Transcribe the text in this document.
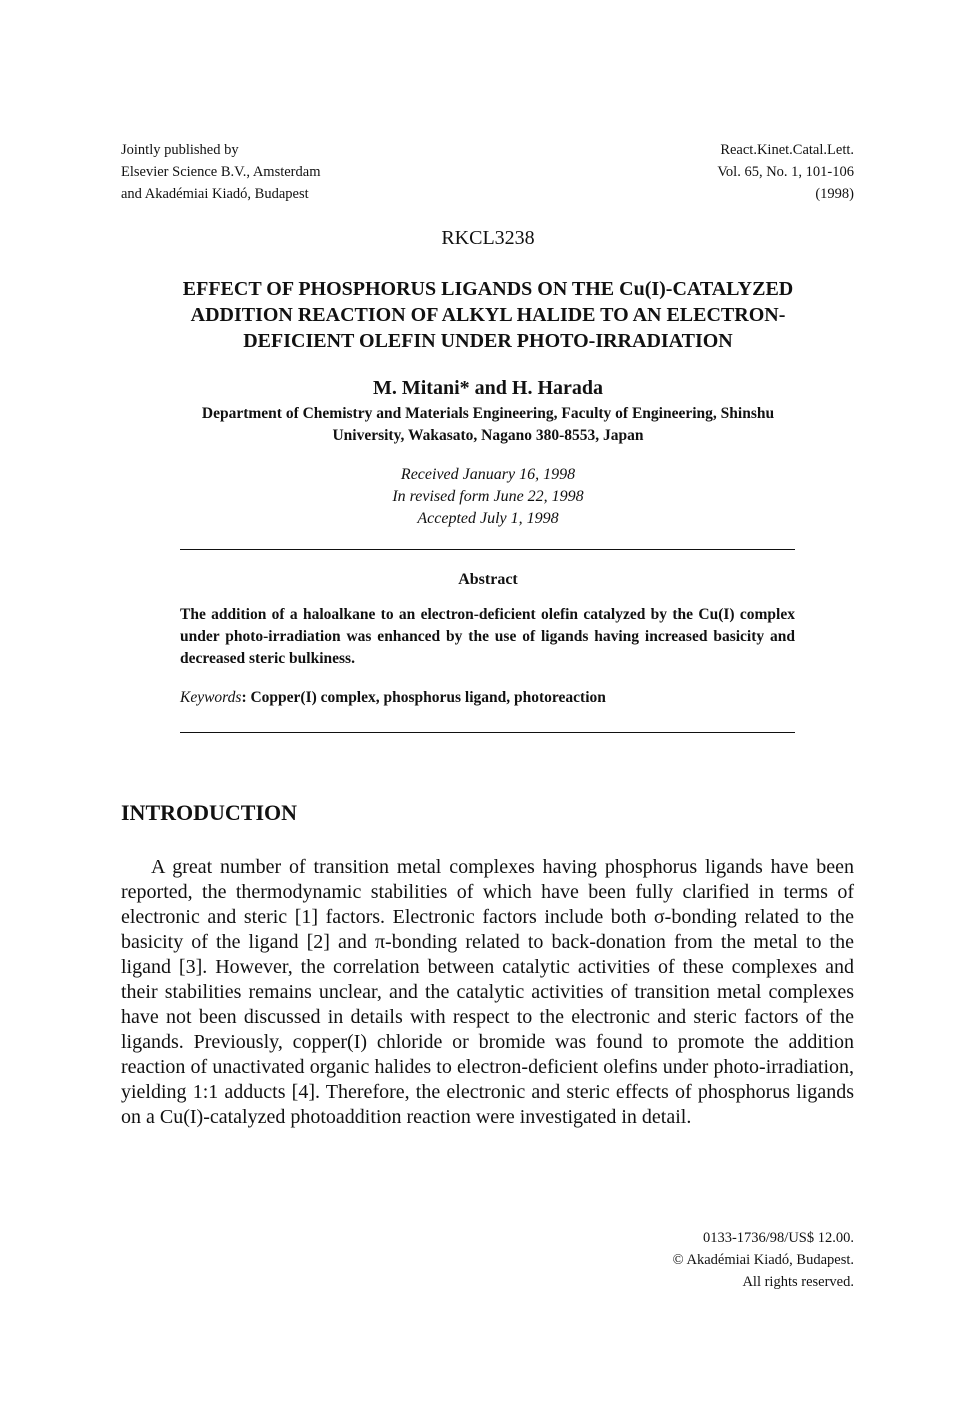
Jointly published by
Elsevier Science B.V., Amsterdam
and Akadémiai Kiadó, Budapest
React.Kinet.Catal.Lett.
Vol. 65, No. 1, 101-106
(1998)
RKCL3238
EFFECT OF PHOSPHORUS LIGANDS ON THE Cu(I)-CATALYZED
ADDITION REACTION OF ALKYL HALIDE TO AN ELECTRON-
DEFICIENT OLEFIN UNDER PHOTO-IRRADIATION
M. Mitani* and H. Harada
Department of Chemistry and Materials Engineering, Faculty of Engineering, Shinshu
University, Wakasato, Nagano 380-8553, Japan
Received January 16, 1998
In revised form June 22, 1998
Accepted July 1, 1998
Abstract
The addition of a haloalkane to an electron-deficient olefin catalyzed by the Cu(I) complex under photo-irradiation was enhanced by the use of ligands having increased basicity and decreased steric bulkiness.
Keywords: Copper(I) complex, phosphorus ligand, photoreaction
INTRODUCTION
A great number of transition metal complexes having phosphorus ligands have been reported, the thermodynamic stabilities of which have been fully clarified in terms of electronic and steric [1] factors. Electronic factors include both σ-bonding related to the basicity of the ligand [2] and π-bonding related to back-donation from the metal to the ligand [3]. However, the correlation between catalytic activities of these complexes and their stabilities remains unclear, and the catalytic activities of transition metal complexes have not been discussed in details with respect to the electronic and steric factors of the ligands. Previously, copper(I) chloride or bromide was found to promote the addition reaction of unactivated organic halides to electron-deficient olefins under photo-irradiation, yielding 1:1 adducts [4]. Therefore, the electronic and steric effects of phosphorus ligands on a Cu(I)-catalyzed photoaddition reaction were investigated in detail.
0133-1736/98/US$ 12.00.
© Akadémiai Kiadó, Budapest.
All rights reserved.
